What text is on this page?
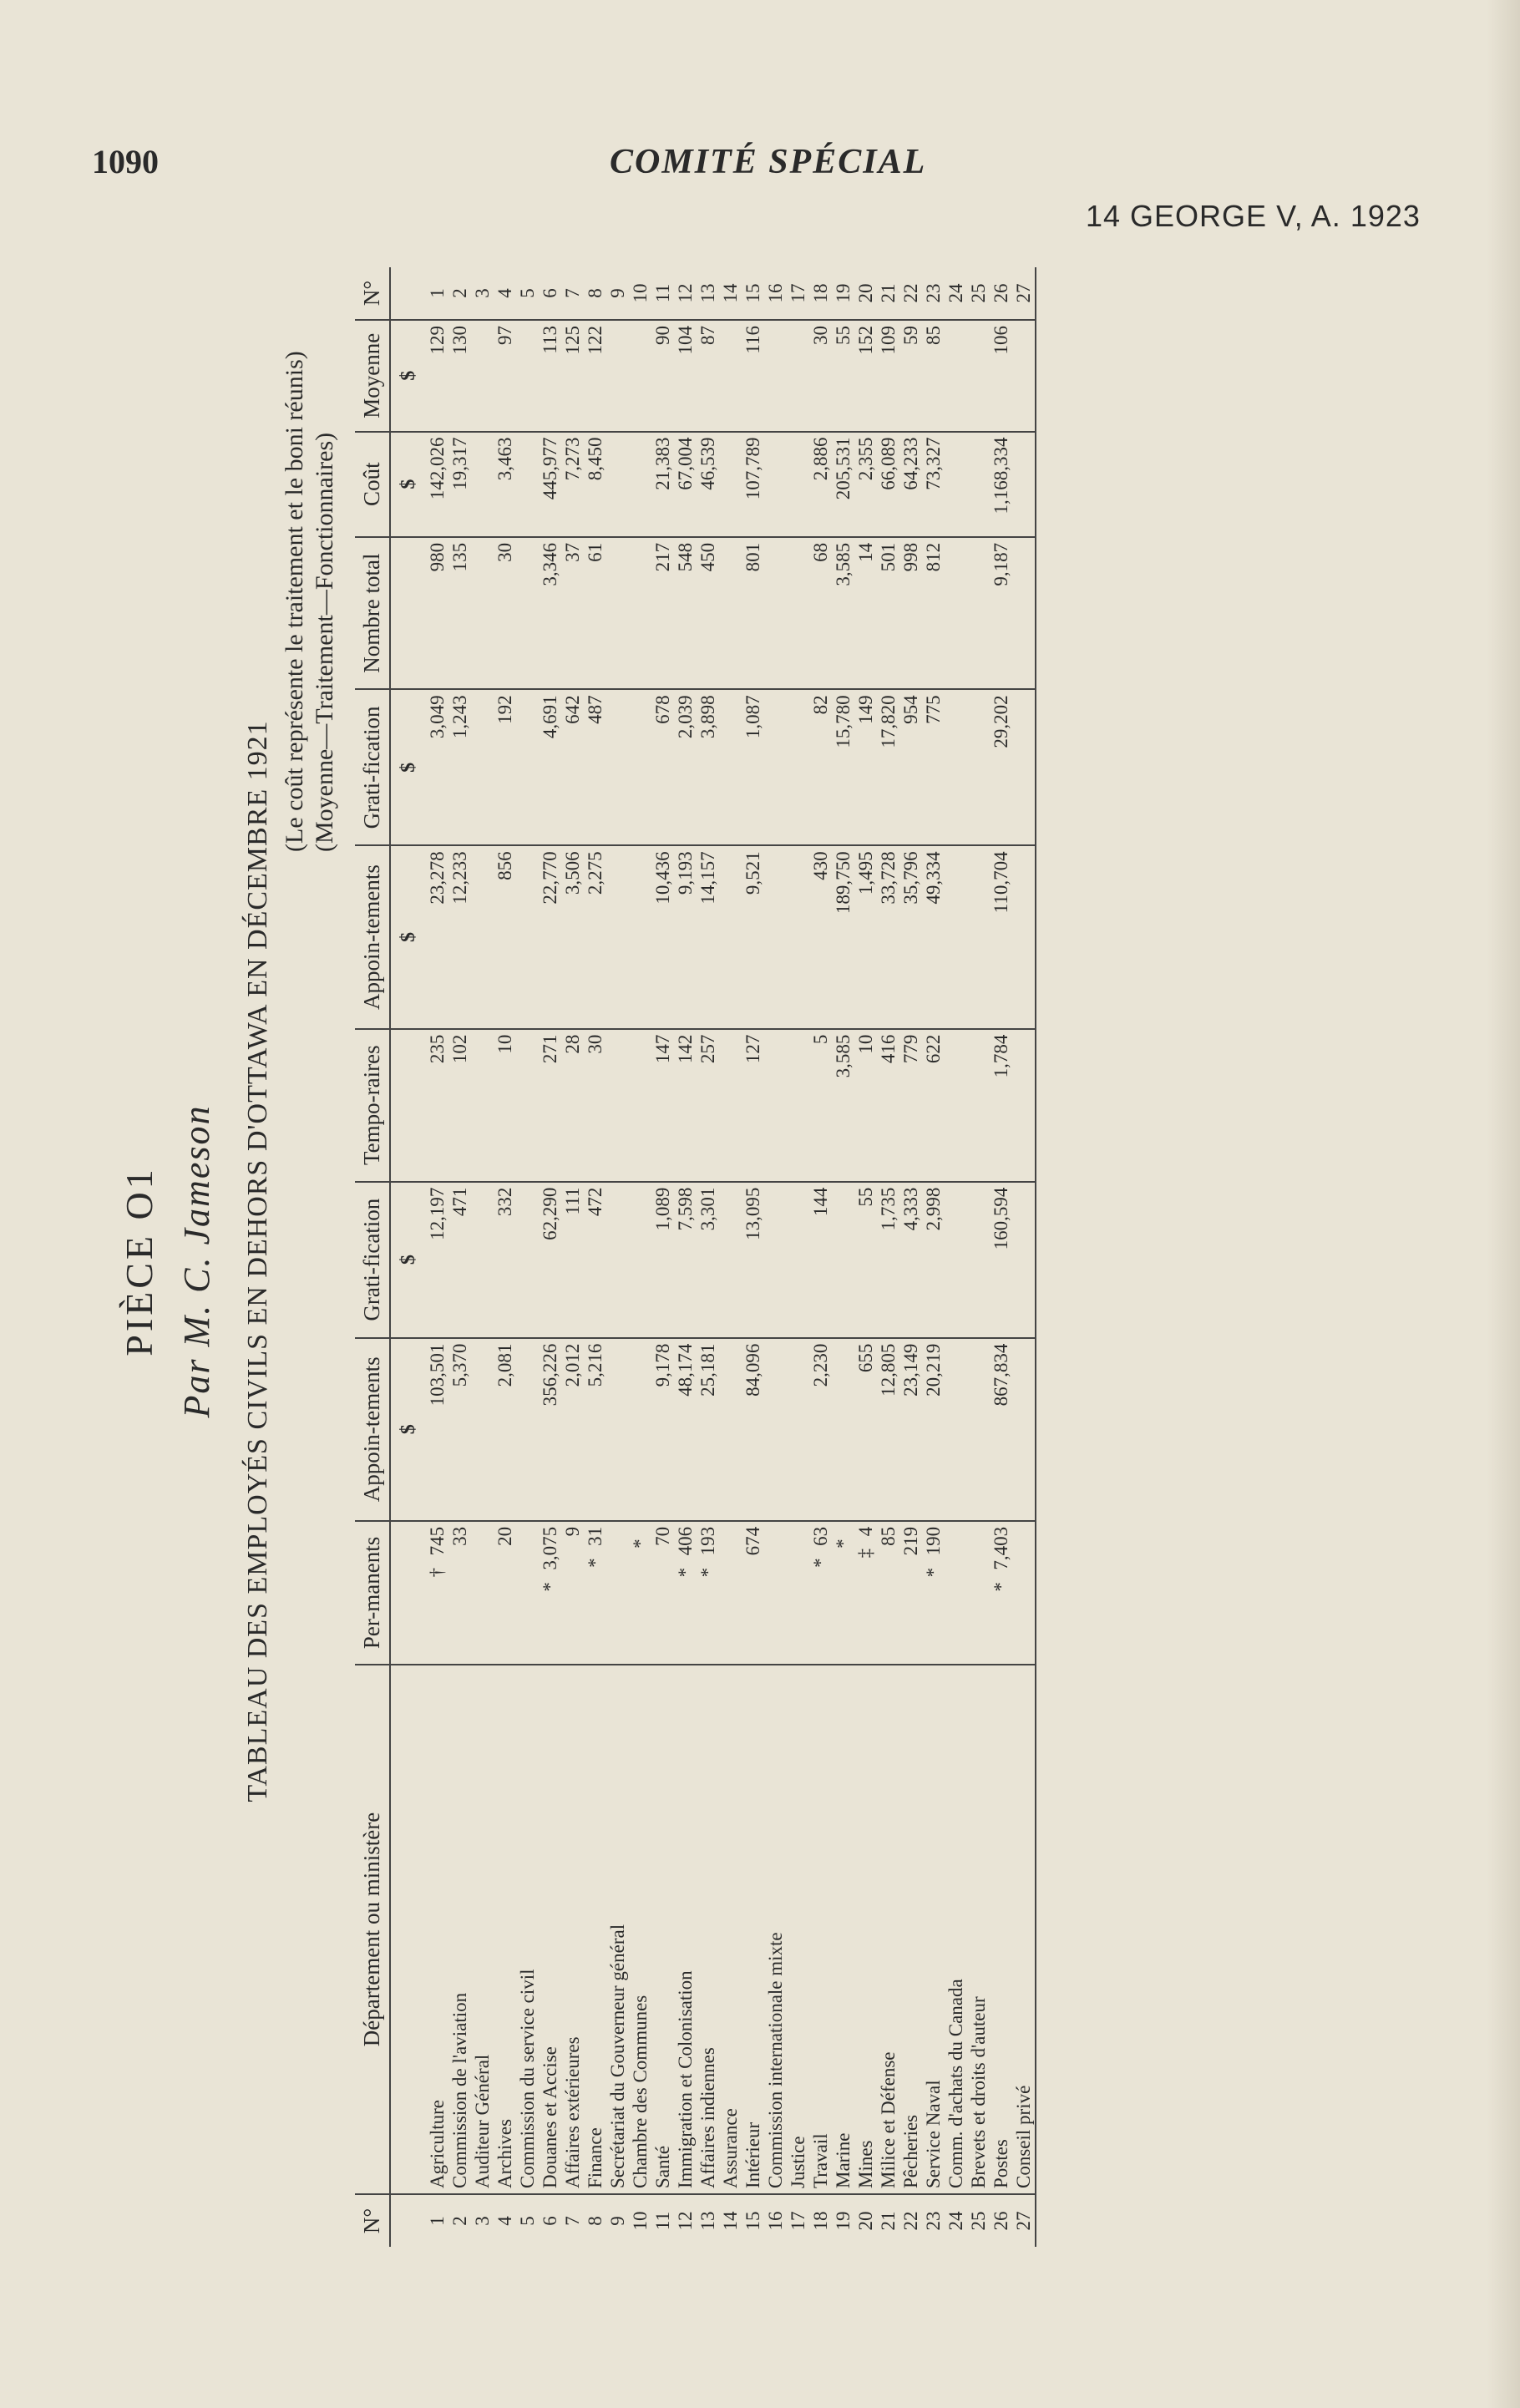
1090	COMITÉ SPÉCIAL
14 GEORGE V, A. 1923
PIÈCE O1 Par M. C. Jameson TABLEAU DES EMPLOYÉS CIVILS EN DEHORS D'OTTAWA EN DÉCEMBRE 1921
(Le coût représente le traitement et le boni réunis) (Moyenne—Traitement—Fonctionnaires)
N°	Département ou ministère	Per-manents	Appoin-tements	Grati-fication	Tempo-raires	Appoin-tements	Grati-fication	Nombre total	Coût	Moyenne	N°
			$	$		$	$		$	$	
1	Agriculture	†745	103,501	12,197	235	23,278	3,049	980	142,026	129	1
2	Commission de l'aviation	33	5,370	471	102	12,233	1,243	135	19,317	130	2
3	Auditeur Général										3
4	Archives	20	2,081	332	10	856	192	30	3,463	97	4
5	Commission du service civil										5
6	Douanes et Accise	*3,075	356,226	62,290	271	22,770	4,691	3,346	445,977	113	6
7	Affaires extérieures	9	2,012	111	28	3,506	642	37	7,273	125	7
8	Finance	*31	5,216	472	30	2,275	487	61	8,450	122	8
9	Secrétariat du Gouverneur général										9
10	Chambre des Communes	*									10
11	Santé	70	9,178	1,089	147	10,436	678	217	21,383	90	11
12	Immigration et Colonisation	*406	48,174	7,598	142	9,193	2,039	548	67,004	104	12
13	Affaires indiennes	*193	25,181	3,301	257	14,157	3,898	450	46,539	87	13
14	Assurance										14
15	Intérieur	674	84,096	13,095	127	9,521	1,087	801	107,789	116	15
16	Commission internationale mixte										16
17	Justice										17
18	Travail	*63	2,230	144	5	430	82	68	2,886	30	18
19	Marine	*			3,585	189,750	15,780	3,585	205,531	55	19
20	Mines	‡4	655	55	10	1,495	149	14	2,355	152	20
21	Milice et Défense	85	12,805	1,735	416	33,728	17,820	501	66,089	109	21
22	Pêcheries	219	23,149	4,333	779	35,796	954	998	64,233	59	22
23	Service Naval	*190	20,219	2,998	622	49,334	775	812	73,327	85	23
24	Comm. d'achats du Canada										24
25	Brevets et droits d'auteur										25
26	Postes	*7,403	867,834	160,594	1,784	110,704	29,202	9,187	1,168,334	106	26
27	Conseil privé										27
